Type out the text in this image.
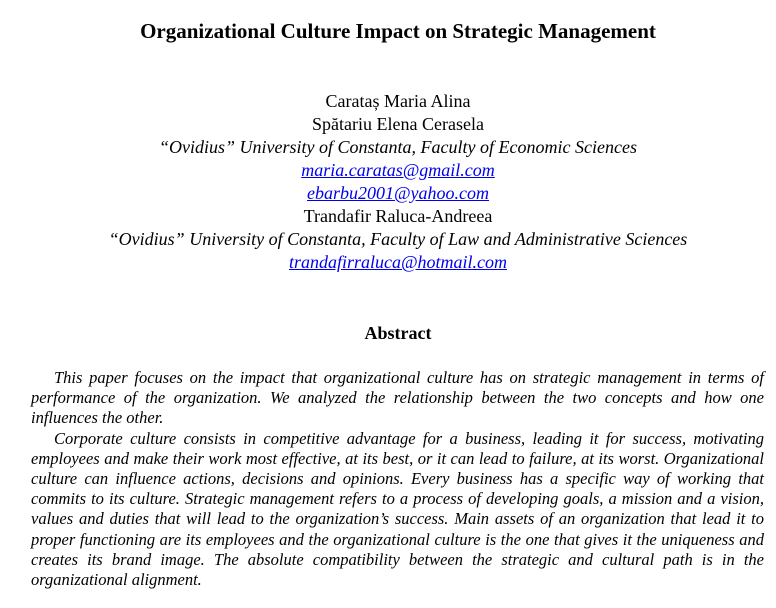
Organizational Culture Impact on Strategic Management
Carataș Maria Alina
Spătariu Elena Cerasela
“Ovidius” University of Constanta, Faculty of Economic Sciences
maria.caratas@gmail.com
ebarbu2001@yahoo.com
Trandafir Raluca-Andreea
“Ovidius” University of Constanta, Faculty of Law and Administrative Sciences
trandafirraluca@hotmail.com
Abstract

This paper focuses on the impact that organizational culture has on strategic management in terms of performance of the organization. We analyzed the relationship between the two concepts and how one influences the other.

Corporate culture consists in competitive advantage for a business, leading it for success, motivating employees and make their work most effective, at its best, or it can lead to failure, at its worst. Organizational culture can influence actions, decisions and opinions. Every business has a specific way of working that commits to its culture. Strategic management refers to a process of developing goals, a mission and a vision, values and duties that will lead to the organization’s success. Main assets of an organization that lead it to proper functioning are its employees and the organizational culture is the one that gives it the uniqueness and creates its brand image. The absolute compatibility between the strategic and cultural path is in the organizational alignment.
